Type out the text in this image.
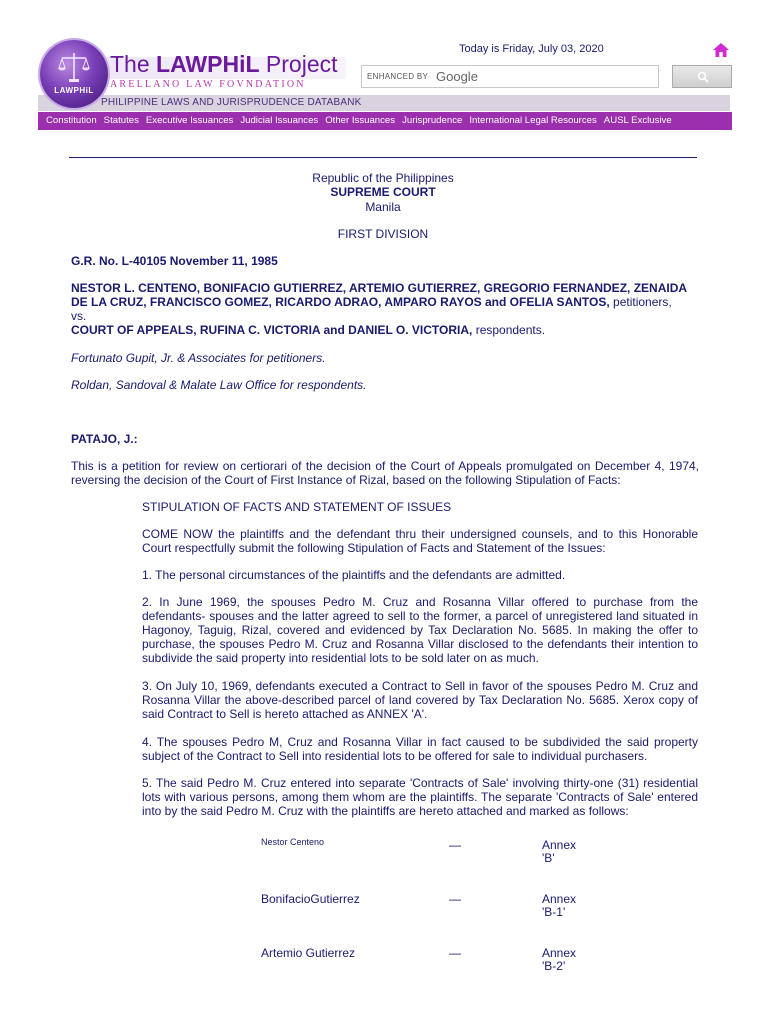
LAWPHiL
The LAWPHiL Project
ARELLANO LAW FOVNDATION
PHILIPPINE LAWS AND JURISPRUDENCE DATABANK
Today is Friday, July 03, 2020
ENHANCED BY Google
Constitution Statutes Executive Issuances Judicial Issuances Other Issuances Jurisprudence International Legal Resources AUSL Exclusive
Republic of the Philippines
SUPREME COURT
Manila
FIRST DIVISION
G.R. No. L-40105 November 11, 1985
NESTOR L. CENTENO, BONIFACIO GUTIERREZ, ARTEMIO GUTIERREZ, GREGORIO FERNANDEZ, ZENAIDA DE LA CRUZ, FRANCISCO GOMEZ, RICARDO ADRAO, AMPARO RAYOS and OFELIA SANTOS, petitioners,
vs.
COURT OF APPEALS, RUFINA C. VICTORIA and DANIEL O. VICTORIA, respondents.
Fortunato Gupit, Jr. & Associates for petitioners.
Roldan, Sandoval & Malate Law Office for respondents.
PATAJO, J.:
This is a petition for review on certiorari of the decision of the Court of Appeals promulgated on December 4, 1974, reversing the decision of the Court of First Instance of Rizal, based on the following Stipulation of Facts:
STIPULATION OF FACTS AND STATEMENT OF ISSUES
COME NOW the plaintiffs and the defendant thru their undersigned counsels, and to this Honorable Court respectfully submit the following Stipulation of Facts and Statement of the Issues:
1. The personal circumstances of the plaintiffs and the defendants are admitted.
2. In June 1969, the spouses Pedro M. Cruz and Rosanna Villar offered to purchase from the defendants- spouses and the latter agreed to sell to the former, a parcel of unregistered land situated in Hagonoy, Taguig, Rizal, covered and evidenced by Tax Declaration No. 5685. In making the offer to purchase, the spouses Pedro M. Cruz and Rosanna Villar disclosed to the defendants their intention to subdivide the said property into residential lots to be sold later on as much.
3. On July 10, 1969, defendants executed a Contract to Sell in favor of the spouses Pedro M. Cruz and Rosanna Villar the above-described parcel of land covered by Tax Declaration No. 5685. Xerox copy of said Contract to Sell is hereto attached as ANNEX 'A'.
4. The spouses Pedro M, Cruz and Rosanna Villar in fact caused to be subdivided the said property subject of the Contract to Sell into residential lots to be offered for sale to individual purchasers.
5. The said Pedro M. Cruz entered into separate 'Contracts of Sale' involving thirty-one (31) residential lots with various persons, among them whom are the plaintiffs. The separate 'Contracts of Sale' entered into by the said Pedro M. Cruz with the plaintiffs are hereto attached and marked as follows:
Nestor Centeno	—	Annex
'B'
BonifacioGutierrez	—	Annex
'B-1'
Artemio Gutierrez	—	Annex
'B-2'
